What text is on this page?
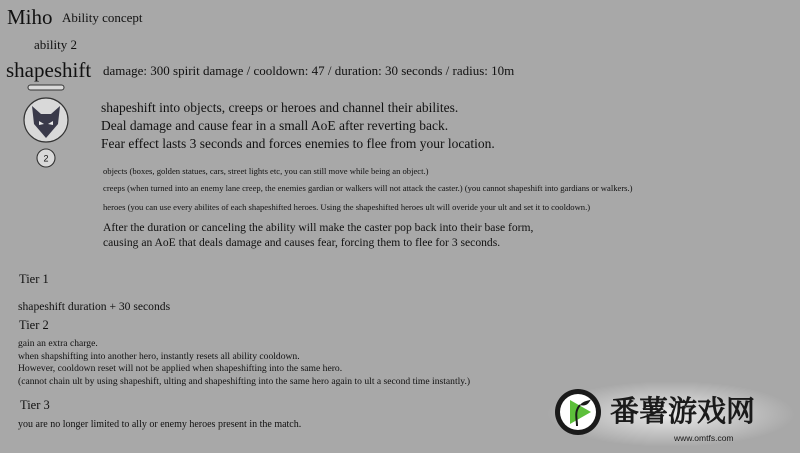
Miho Ability concept
ability 2
shapeshift damage: 300 spirit damage / cooldown: 47 / duration: 30 seconds / radius: 10m
2
shapeshift into objects, creeps or heroes and channel their abilites.
Deal damage and cause fear in a small AoE after reverting back.
Fear effect lasts 3 seconds and forces enemies to flee from your location.
objects (boxes, golden statues, cars, street lights etc, you can still move while being an object.)
creeps (when turned into an enemy lane creep, the enemies gardian or walkers will not attack the caster.) (you cannot shapeshift into gardians or walkers.)
heroes (you can use every abilites of each shapeshifted heroes. Using the shapeshifted heroes ult will overide your ult and set it to cooldown.)
After the duration or canceling the ability will make the caster pop back into their base form,
causing an AoE that deals damage and causes fear, forcing them to flee for 3 seconds.
Tier 1
shapeshift duration + 30 seconds
Tier 2
gain an extra charge.
when shapshifting into another hero, instantly resets all ability cooldown.
However, cooldown reset will not be applied when shapeshifting into the same hero.
(cannot chain ult by using shapeshift, ulting and shapeshifting into the same hero again to ult a second time instantly.)
Tier 3
you are no longer limited to ally or enemy heroes present in the match.	番薯游戏网
www.omtfs.com
